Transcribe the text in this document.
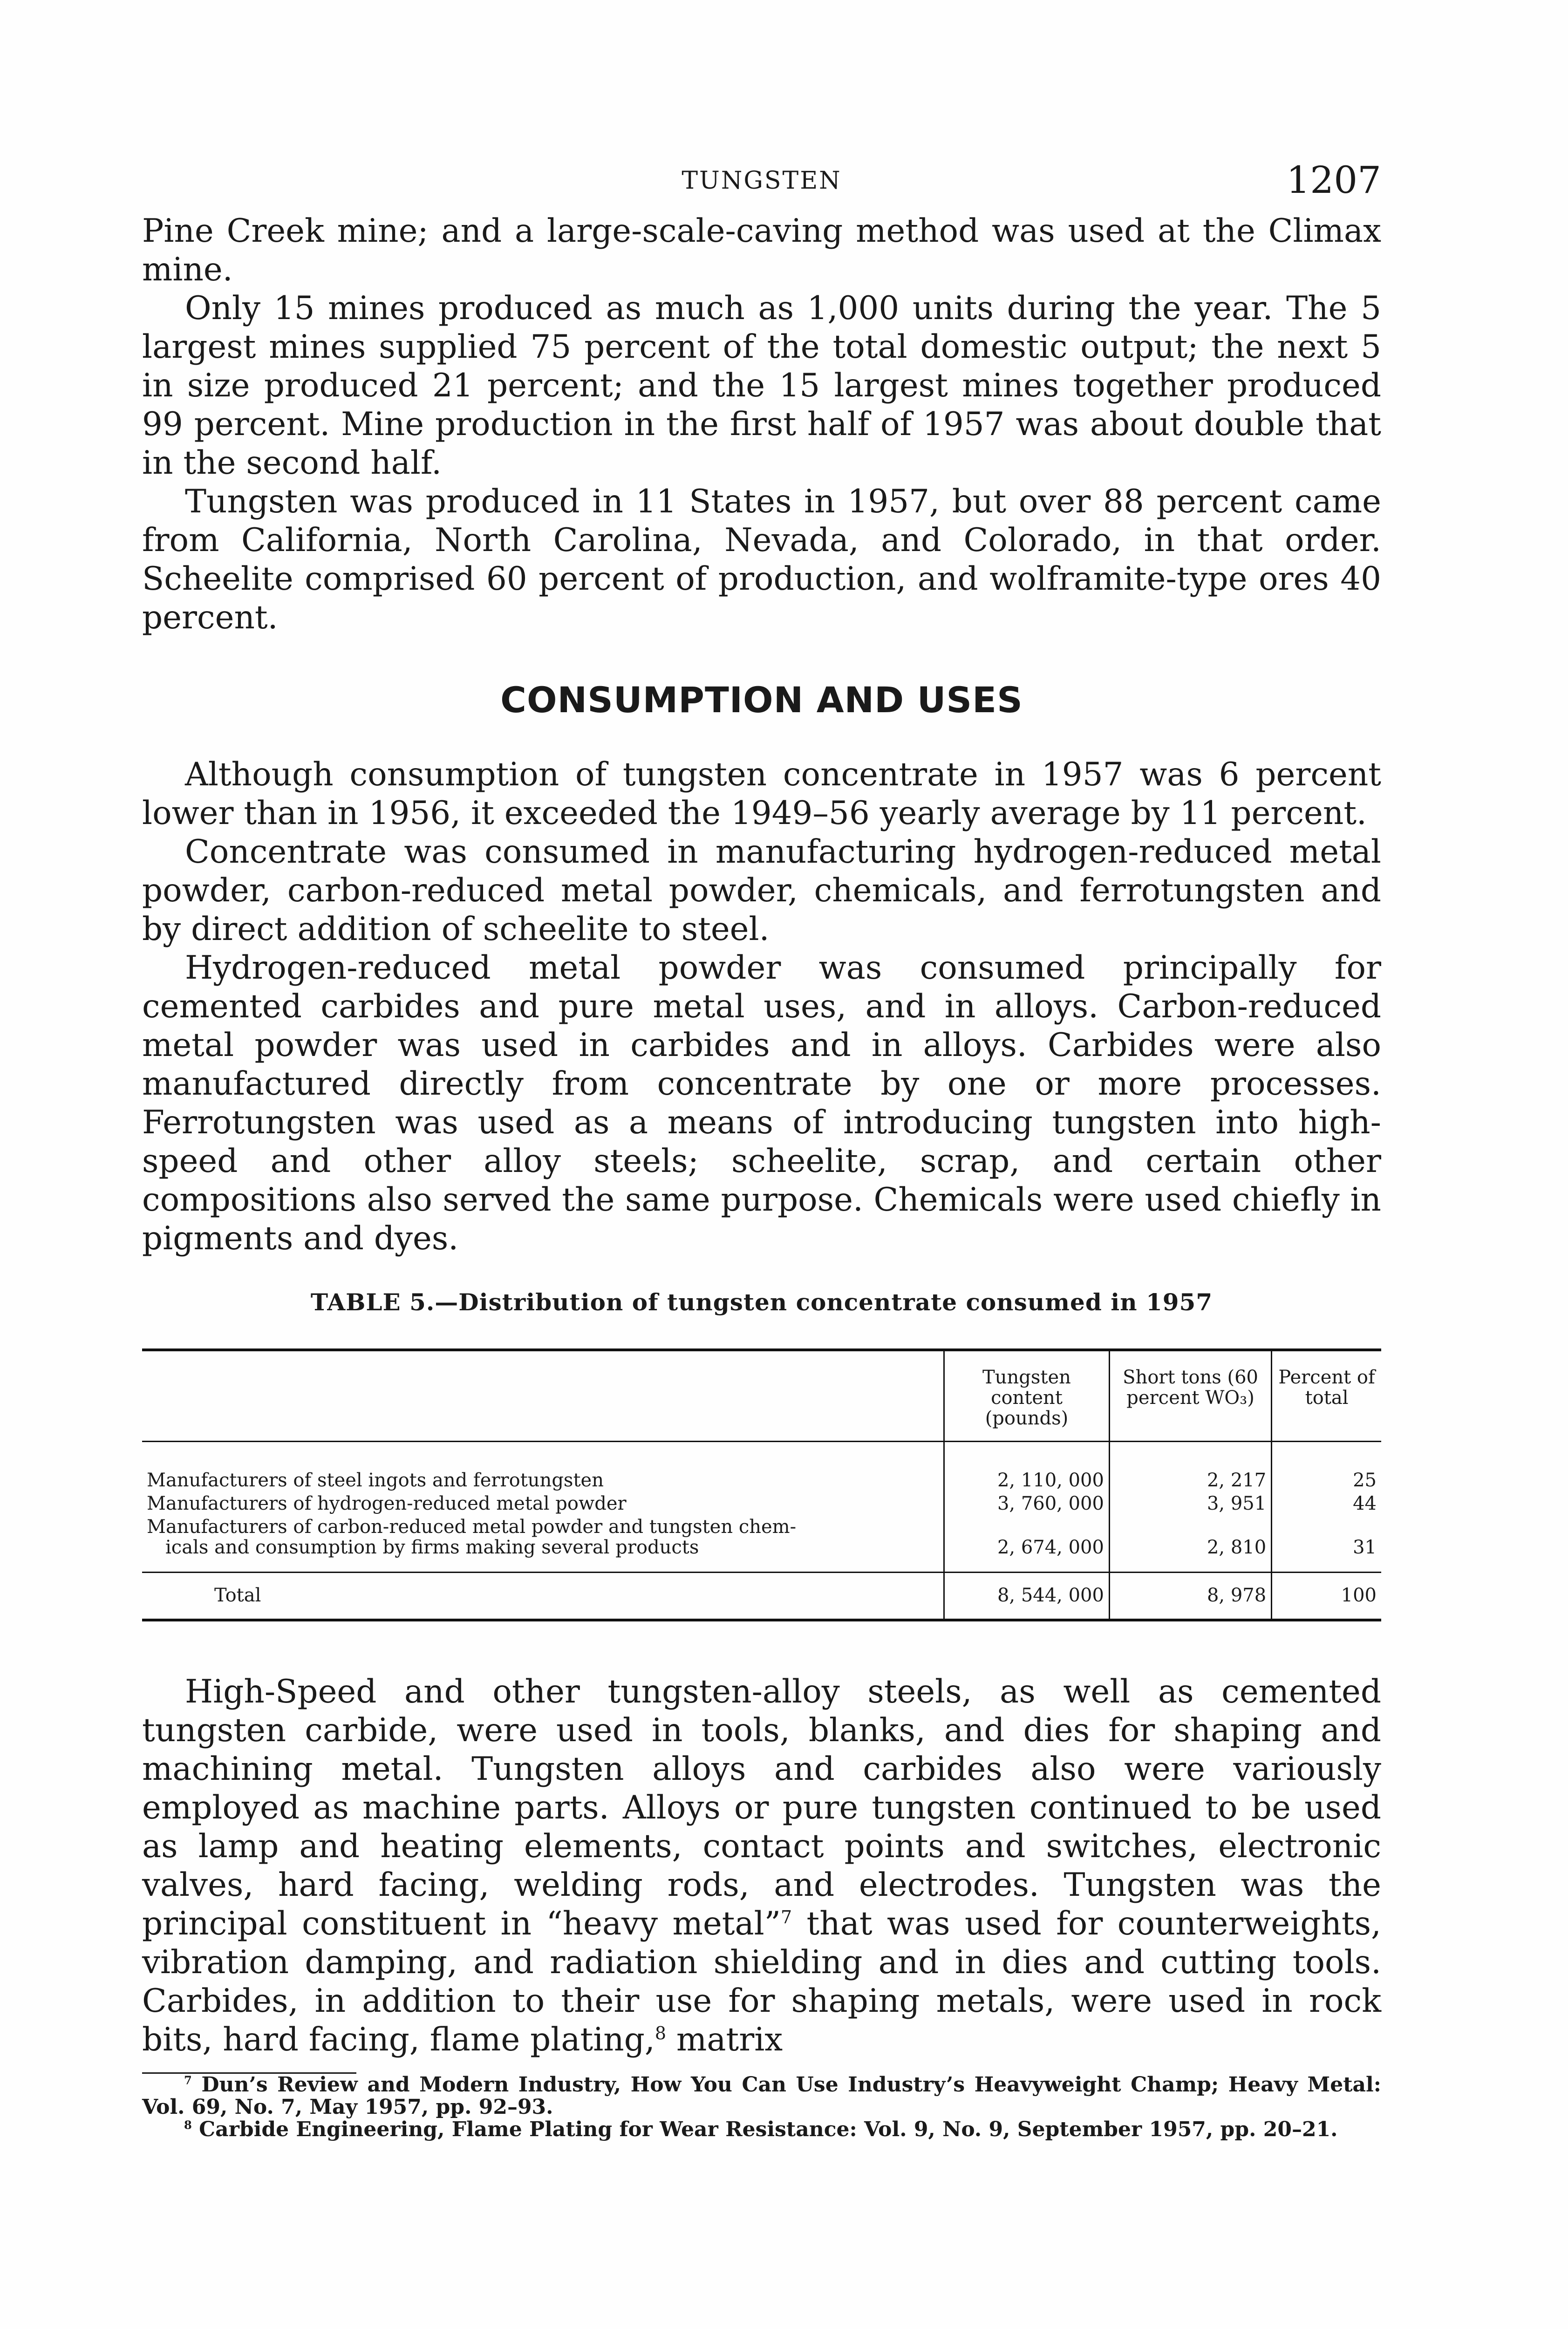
TUNGSTEN	1207

Pine Creek mine; and a large-scale-caving method was used at the Climax mine.

Only 15 mines produced as much as 1,000 units during the year. The 5 largest mines supplied 75 percent of the total domestic output; the next 5 in size produced 21 percent; and the 15 largest mines together produced 99 percent. Mine production in the first half of 1957 was about double that in the second half.

Tungsten was produced in 11 States in 1957, but over 88 percent came from California, North Carolina, Nevada, and Colorado, in that order. Scheelite comprised 60 percent of production, and wolframite-type ores 40 percent.

CONSUMPTION AND USES

Although consumption of tungsten concentrate in 1957 was 6 percent lower than in 1956, it exceeded the 1949–56 yearly average by 11 percent.

Concentrate was consumed in manufacturing hydrogen-reduced metal powder, carbon-reduced metal powder, chemicals, and ferrotungsten and by direct addition of scheelite to steel.

Hydrogen-reduced metal powder was consumed principally for cemented carbides and pure metal uses, and in alloys. Carbon-reduced metal powder was used in carbides and in alloys. Carbides were also manufactured directly from concentrate by one or more processes. Ferrotungsten was used as a means of introducing tungsten into high-speed and other alloy steels; scheelite, scrap, and certain other compositions also served the same purpose. Chemicals were used chiefly in pigments and dyes.

TABLE 5.—Distribution of tungsten concentrate consumed in 1957
	Tungsten content (pounds)	Short tons (60 percent WO₃)	Percent of total
Manufacturers of steel ingots and ferrotungsten	2, 110, 000	2, 217	25
Manufacturers of hydrogen-reduced metal powder	3, 760, 000	3, 951	44
Manufacturers of carbon-reduced metal powder and tungsten chem-
icals and consumption by firms making several products	2, 674, 000	2, 810	31
Total	8, 544, 000	8, 978	100

High-Speed and other tungsten-alloy steels, as well as cemented tungsten carbide, were used in tools, blanks, and dies for shaping and machining metal. Tungsten alloys and carbides also were variously employed as machine parts. Alloys or pure tungsten continued to be used as lamp and heating elements, contact points and switches, electronic valves, hard facing, welding rods, and electrodes. Tungsten was the principal constituent in “heavy metal”$^7$ that was used for counterweights, vibration damping, and radiation shielding and in dies and cutting tools. Carbides, in addition to their use for shaping metals, were used in rock bits, hard facing, flame plating,$^8$ matrix

$^7$ Dun’s Review and Modern Industry, How You Can Use Industry’s Heavyweight Champ; Heavy Metal: Vol. 69, No. 7, May 1957, pp. 92–93.

$^8$ Carbide Engineering, Flame Plating for Wear Resistance: Vol. 9, No. 9, September 1957, pp. 20–21.
